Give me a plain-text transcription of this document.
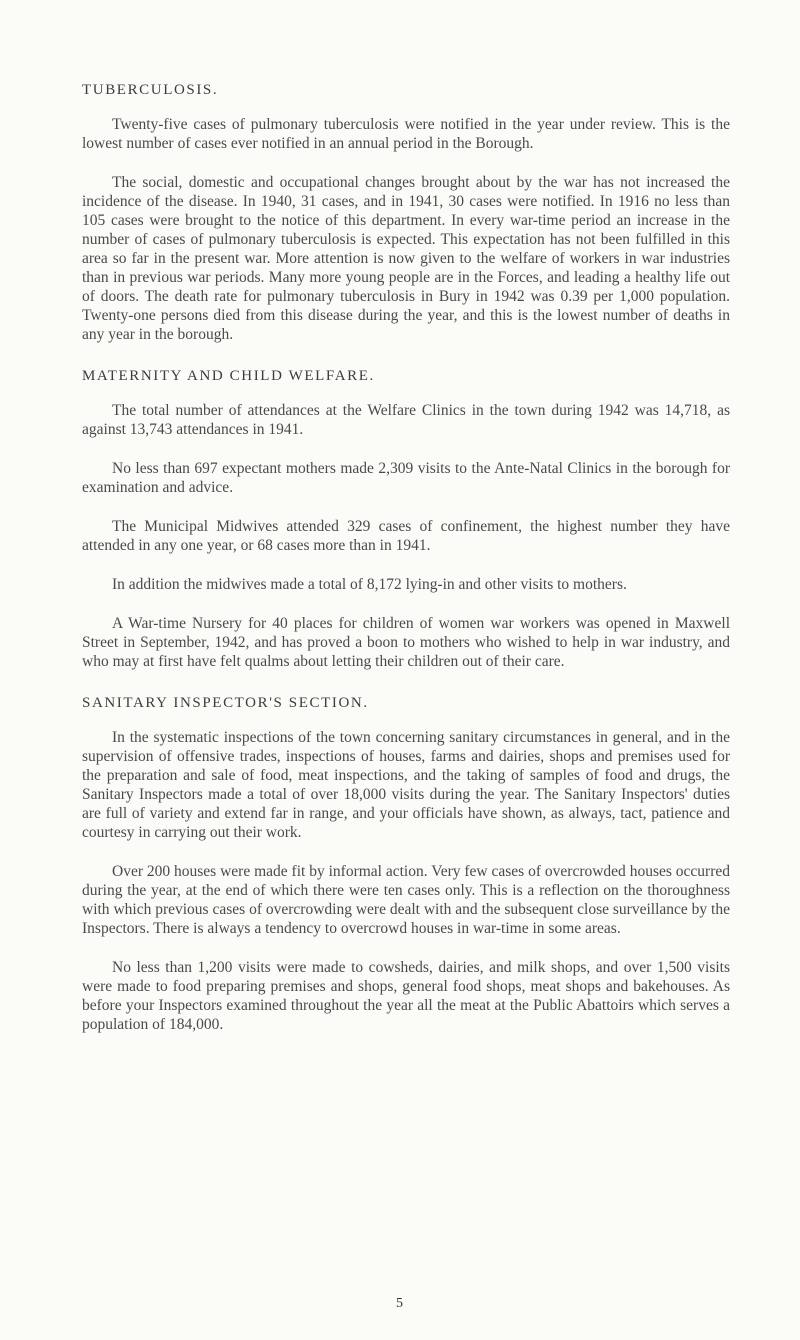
TUBERCULOSIS.

Twenty-five cases of pulmonary tuberculosis were notified in the year under review. This is the lowest number of cases ever notified in an annual period in the Borough.

The social, domestic and occupational changes brought about by the war has not increased the incidence of the disease. In 1940, 31 cases, and in 1941, 30 cases were notified. In 1916 no less than 105 cases were brought to the notice of this department. In every war-time period an increase in the number of cases of pulmonary tuberculosis is expected. This expectation has not been fulfilled in this area so far in the present war. More attention is now given to the welfare of workers in war industries than in previous war periods. Many more young people are in the Forces, and leading a healthy life out of doors. The death rate for pulmonary tuberculosis in Bury in 1942 was 0.39 per 1,000 population. Twenty-one persons died from this disease during the year, and this is the lowest number of deaths in any year in the borough.

MATERNITY AND CHILD WELFARE.

The total number of attendances at the Welfare Clinics in the town during 1942 was 14,718, as against 13,743 attendances in 1941.

No less than 697 expectant mothers made 2,309 visits to the Ante-Natal Clinics in the borough for examination and advice.

The Municipal Midwives attended 329 cases of confinement, the highest number they have attended in any one year, or 68 cases more than in 1941.

In addition the midwives made a total of 8,172 lying-in and other visits to mothers.

A War-time Nursery for 40 places for children of women war workers was opened in Maxwell Street in September, 1942, and has proved a boon to mothers who wished to help in war industry, and who may at first have felt qualms about letting their children out of their care.

SANITARY INSPECTOR'S SECTION.

In the systematic inspections of the town concerning sanitary circumstances in general, and in the supervision of offensive trades, inspections of houses, farms and dairies, shops and premises used for the preparation and sale of food, meat inspections, and the taking of samples of food and drugs, the Sanitary Inspectors made a total of over 18,000 visits during the year. The Sanitary Inspectors' duties are full of variety and extend far in range, and your officials have shown, as always, tact, patience and courtesy in carrying out their work.

Over 200 houses were made fit by informal action. Very few cases of overcrowded houses occurred during the year, at the end of which there were ten cases only. This is a reflection on the thoroughness with which previous cases of overcrowding were dealt with and the subsequent close surveillance by the Inspectors. There is always a tendency to overcrowd houses in war-time in some areas.

No less than 1,200 visits were made to cowsheds, dairies, and milk shops, and over 1,500 visits were made to food preparing premises and shops, general food shops, meat shops and bakehouses. As before your Inspectors examined throughout the year all the meat at the Public Abattoirs which serves a population of 184,000.

5
